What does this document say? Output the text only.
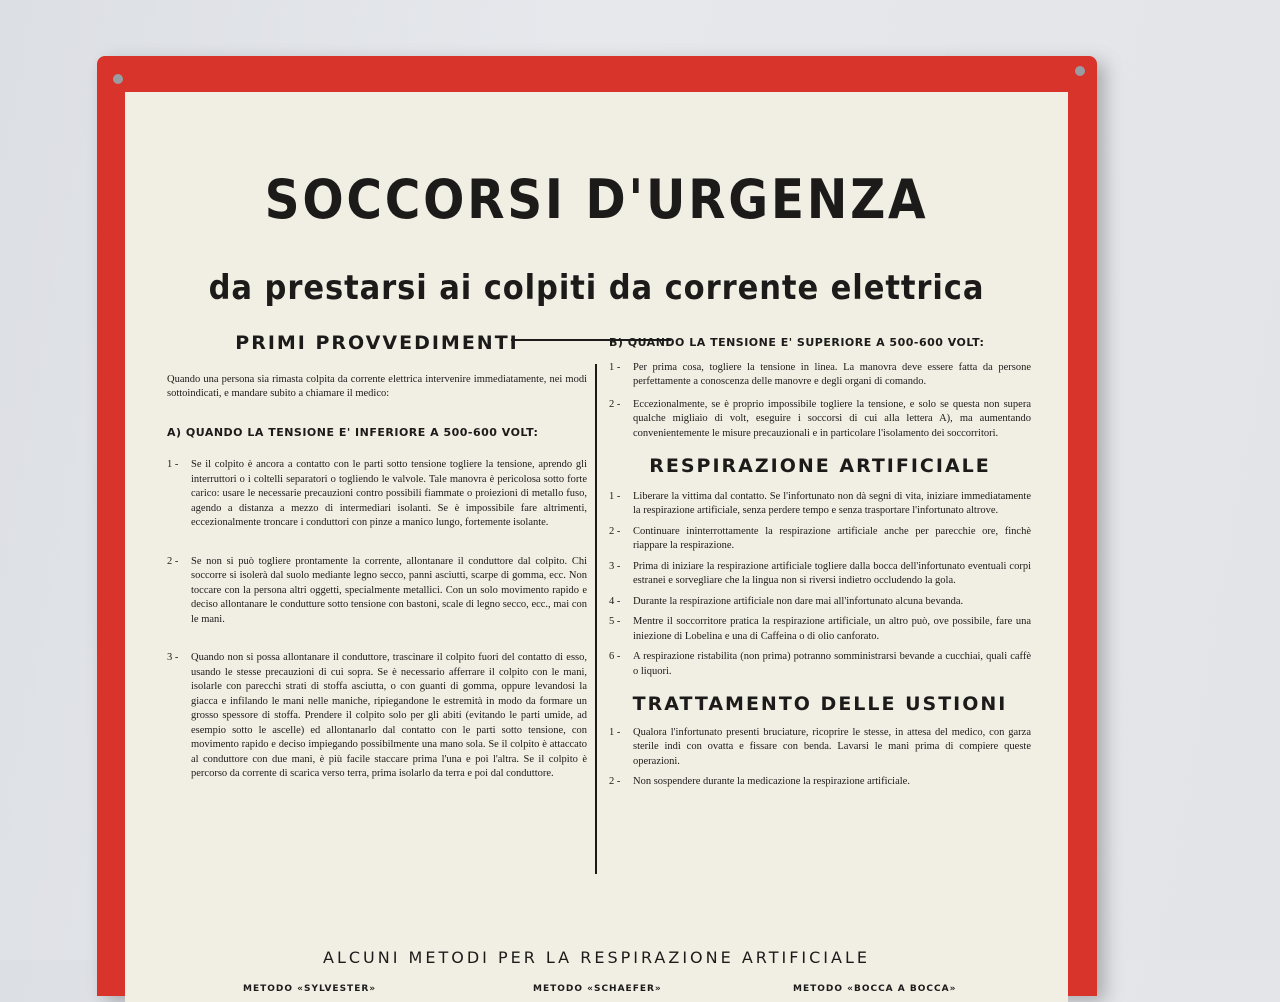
SOCCORSI D'URGENZA
da prestarsi ai colpiti da corrente elettrica
PRIMI PROVVEDIMENTI

Quando una persona sia rimasta colpita da corrente elettrica intervenire immediatamente, nei modi sottoindicati, e mandare subito a chiamare il medico:

A) QUANDO LA TENSIONE E' INFERIORE A 500-600 VOLT:
1 -	Se il colpito è ancora a contatto con le parti sotto tensione togliere la tensione, aprendo gli interruttori o i coltelli separatori o togliendo le valvole. Tale manovra è pericolosa sotto forte carico: usare le necessarie precauzioni contro possibili fiammate o proiezioni di metallo fuso, agendo a distanza a mezzo di intermediari isolanti. Se è impossibile fare altrimenti, eccezionalmente troncare i conduttori con pinze a manico lungo, fortemente isolante.
2 -	Se non si può togliere prontamente la corrente, allontanare il conduttore dal colpito. Chi soccorre si isolerà dal suolo mediante legno secco, panni asciutti, scarpe di gomma, ecc. Non toccare con la persona altri oggetti, specialmente metallici. Con un solo movimento rapido e deciso allontanare le condutture sotto tensione con bastoni, scale di legno secco, ecc., mai con le mani.
3 -	Quando non si possa allontanare il conduttore, trascinare il colpito fuori del contatto di esso, usando le stesse precauzioni di cui sopra. Se è necessario afferrare il colpito con le mani, isolarle con parecchi strati di stoffa asciutta, o con guanti di gomma, oppure levandosi la giacca e infilando le mani nelle maniche, ripiegandone le estremità in modo da formare un grosso spessore di stoffa. Prendere il colpito solo per gli abiti (evitando le parti umide, ad esempio sotto le ascelle) ed allontanarlo dal contatto con le parti sotto tensione, con movimento rapido e deciso impiegando possibilmente una mano sola. Se il colpito è attaccato al conduttore con due mani, è più facile staccare prima l'una e poi l'altra. Se il colpito è percorso da corrente di scarica verso terra, prima isolarlo da terra e poi dal conduttore.
B) QUANDO LA TENSIONE E' SUPERIORE A 500-600 VOLT:
1 -	Per prima cosa, togliere la tensione in linea. La manovra deve essere fatta da persone perfettamente a conoscenza delle manovre e degli organi di comando.
2 -	Eccezionalmente, se è proprio impossibile togliere la tensione, e solo se questa non supera qualche migliaio di volt, eseguire i soccorsi di cui alla lettera A), ma aumentando convenientemente le misure precauzionali e in particolare l'isolamento dei soccorritori.
RESPIRAZIONE ARTIFICIALE
1 -	Liberare la vittima dal contatto. Se l'infortunato non dà segni di vita, iniziare immediatamente la respirazione artificiale, senza perdere tempo e senza trasportare l'infortunato altrove.
2 -	Continuare ininterrottamente la respirazione artificiale anche per parecchie ore, finchè riappare la respirazione.
3 -	Prima di iniziare la respirazione artificiale togliere dalla bocca dell'infortunato eventuali corpi estranei e sorvegliare che la lingua non si riversi indietro occludendo la gola.
4 -	Durante la respirazione artificiale non dare mai all'infortunato alcuna bevanda.
5 -	Mentre il soccorritore pratica la respirazione artificiale, un altro può, ove possibile, fare una iniezione di Lobelina e una di Caffeina o di olio canforato.
6 -	A respirazione ristabilita (non prima) potranno somministrarsi bevande a cucchiai, quali caffè o liquori.
TRATTAMENTO DELLE USTIONI
1 -	Qualora l'infortunato presenti bruciature, ricoprire le stesse, in attesa del medico, con garza sterile indi con ovatta e fissare con benda. Lavarsi le mani prima di compiere queste operazioni.
2 -	Non sospendere durante la medicazione la respirazione artificiale.
ALCUNI METODI PER LA RESPIRAZIONE ARTIFICIALE
METODO «SYLVESTER»	METODO «SCHAEFER»	METODO «BOCCA A BOCCA»
